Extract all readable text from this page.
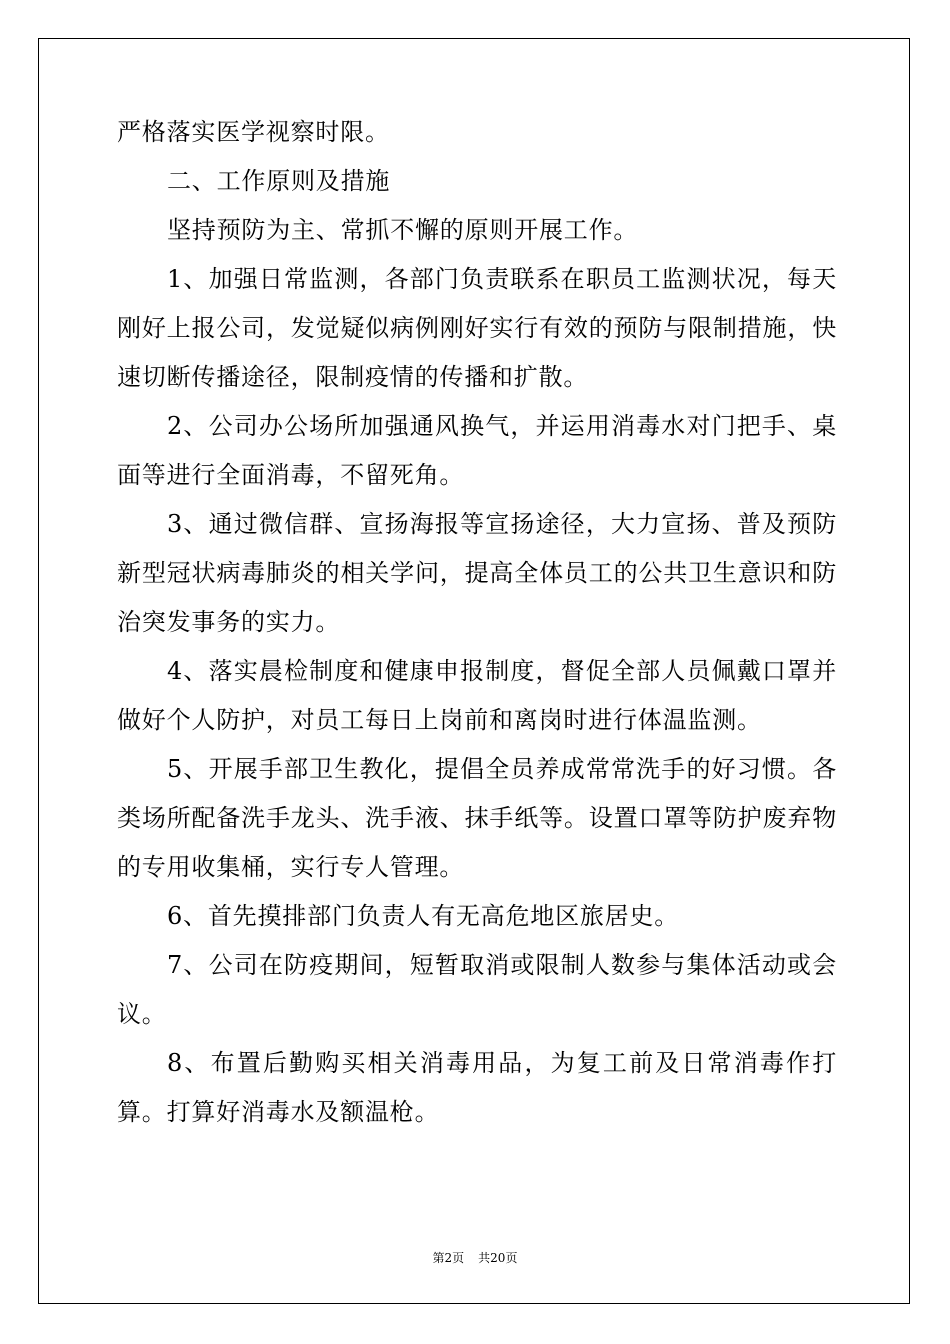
严格落实医学视察时限。

二、工作原则及措施

坚持预防为主、常抓不懈的原则开展工作。

1、加强日常监测，各部门负责联系在职员工监测状况，每天刚好上报公司，发觉疑似病例刚好实行有效的预防与限制措施，快速切断传播途径，限制疫情的传播和扩散。

2、公司办公场所加强通风换气，并运用消毒水对门把手、桌面等进行全面消毒，不留死角。

3、通过微信群、宣扬海报等宣扬途径，大力宣扬、普及预防新型冠状病毒肺炎的相关学问，提高全体员工的公共卫生意识和防治突发事务的实力。

4、落实晨检制度和健康申报制度，督促全部人员佩戴口罩并做好个人防护，对员工每日上岗前和离岗时进行体温监测。

5、开展手部卫生教化，提倡全员养成常常洗手的好习惯。各类场所配备洗手龙头、洗手液、抹手纸等。设置口罩等防护废弃物的专用收集桶，实行专人管理。

6、首先摸排部门负责人有无高危地区旅居史。

7、公司在防疫期间，短暂取消或限制人数参与集体活动或会议。

8、布置后勤购买相关消毒用品，为复工前及日常消毒作打算。打算好消毒水及额温枪。

第2页 共20页
